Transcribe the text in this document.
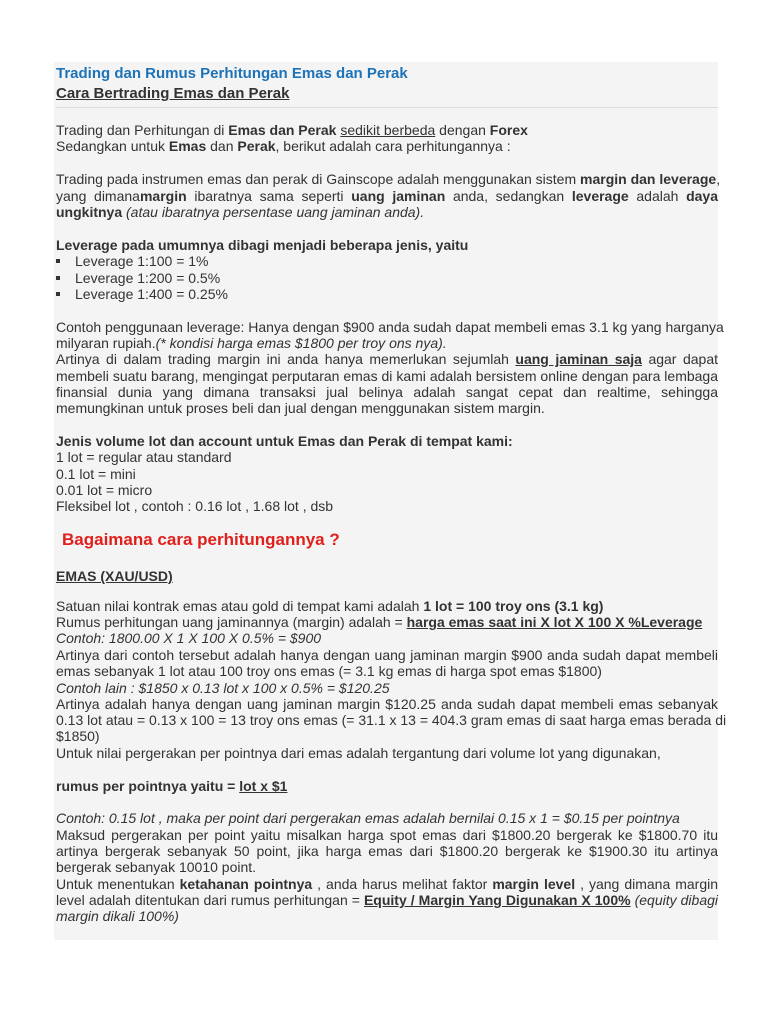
Trading dan Rumus Perhitungan Emas dan Perak
Cara Bertrading Emas dan Perak
Trading dan Perhitungan di Emas dan Perak sedikit berbeda dengan Forex
Sedangkan untuk Emas dan Perak, berikut adalah cara perhitungannya :
Trading pada instrumen emas dan perak di Gainscope adalah menggunakan sistem margin dan leverage,
yang dimanamargin ibaratnya sama seperti uang jaminan anda, sedangkan leverage adalah daya
ungkitnya (atau ibaratnya persentase uang jaminan anda).
Leverage pada umumnya dibagi menjadi beberapa jenis, yaitu
Leverage 1:100 = 1%
Leverage 1:200 = 0.5%
Leverage 1:400 = 0.25%
Contoh penggunaan leverage: Hanya dengan $900 anda sudah dapat membeli emas 3.1 kg yang harganya
milyaran rupiah.(* kondisi harga emas $1800 per troy ons nya).
Artinya di dalam trading margin ini anda hanya memerlukan sejumlah uang jaminan saja agar dapat
membeli suatu barang, mengingat perputaran emas di kami adalah bersistem online dengan para lembaga
finansial dunia yang dimana transaksi jual belinya adalah sangat cepat dan realtime, sehingga
memungkinan untuk proses beli dan jual dengan menggunakan sistem margin.
Jenis volume lot dan account untuk Emas dan Perak di tempat kami:
1 lot = regular atau standard
0.1 lot = mini
0.01 lot = micro
Fleksibel lot , contoh : 0.16 lot , 1.68 lot , dsb
Bagaimana cara perhitungannya ?
EMAS (XAU/USD)
Satuan nilai kontrak emas atau gold di tempat kami adalah 1 lot = 100 troy ons (3.1 kg)
Rumus perhitungan uang jaminannya (margin) adalah = harga emas saat ini X lot X 100 X %Leverage
Contoh: 1800.00 X 1 X 100 X 0.5% = $900
Artinya dari contoh tersebut adalah hanya dengan uang jaminan margin $900 anda sudah dapat membeli
emas sebanyak 1 lot atau 100 troy ons emas (= 3.1 kg emas di harga spot emas $1800)
Contoh lain : $1850 x 0.13 lot x 100 x 0.5% = $120.25
Artinya adalah hanya dengan uang jaminan margin $120.25 anda sudah dapat membeli emas sebanyak
0.13 lot atau = 0.13 x 100 = 13 troy ons emas (= 31.1 x 13 = 404.3 gram emas di saat harga emas berada di
$1850)
Untuk nilai pergerakan per pointnya dari emas adalah tergantung dari volume lot yang digunakan,
rumus per pointnya yaitu = lot x $1
Contoh: 0.15 lot , maka per point dari pergerakan emas adalah bernilai 0.15 x 1 = $0.15 per pointnya
Maksud pergerakan per point yaitu misalkan harga spot emas dari $1800.20 bergerak ke $1800.70 itu
artinya bergerak sebanyak 50 point, jika harga emas dari $1800.20 bergerak ke $1900.30 itu artinya
bergerak sebanyak 10010 point.
Untuk menentukan ketahanan pointnya , anda harus melihat faktor margin level , yang dimana margin
level adalah ditentukan dari rumus perhitungan = Equity / Margin Yang Digunakan X 100% (equity dibagi
margin dikali 100%)
